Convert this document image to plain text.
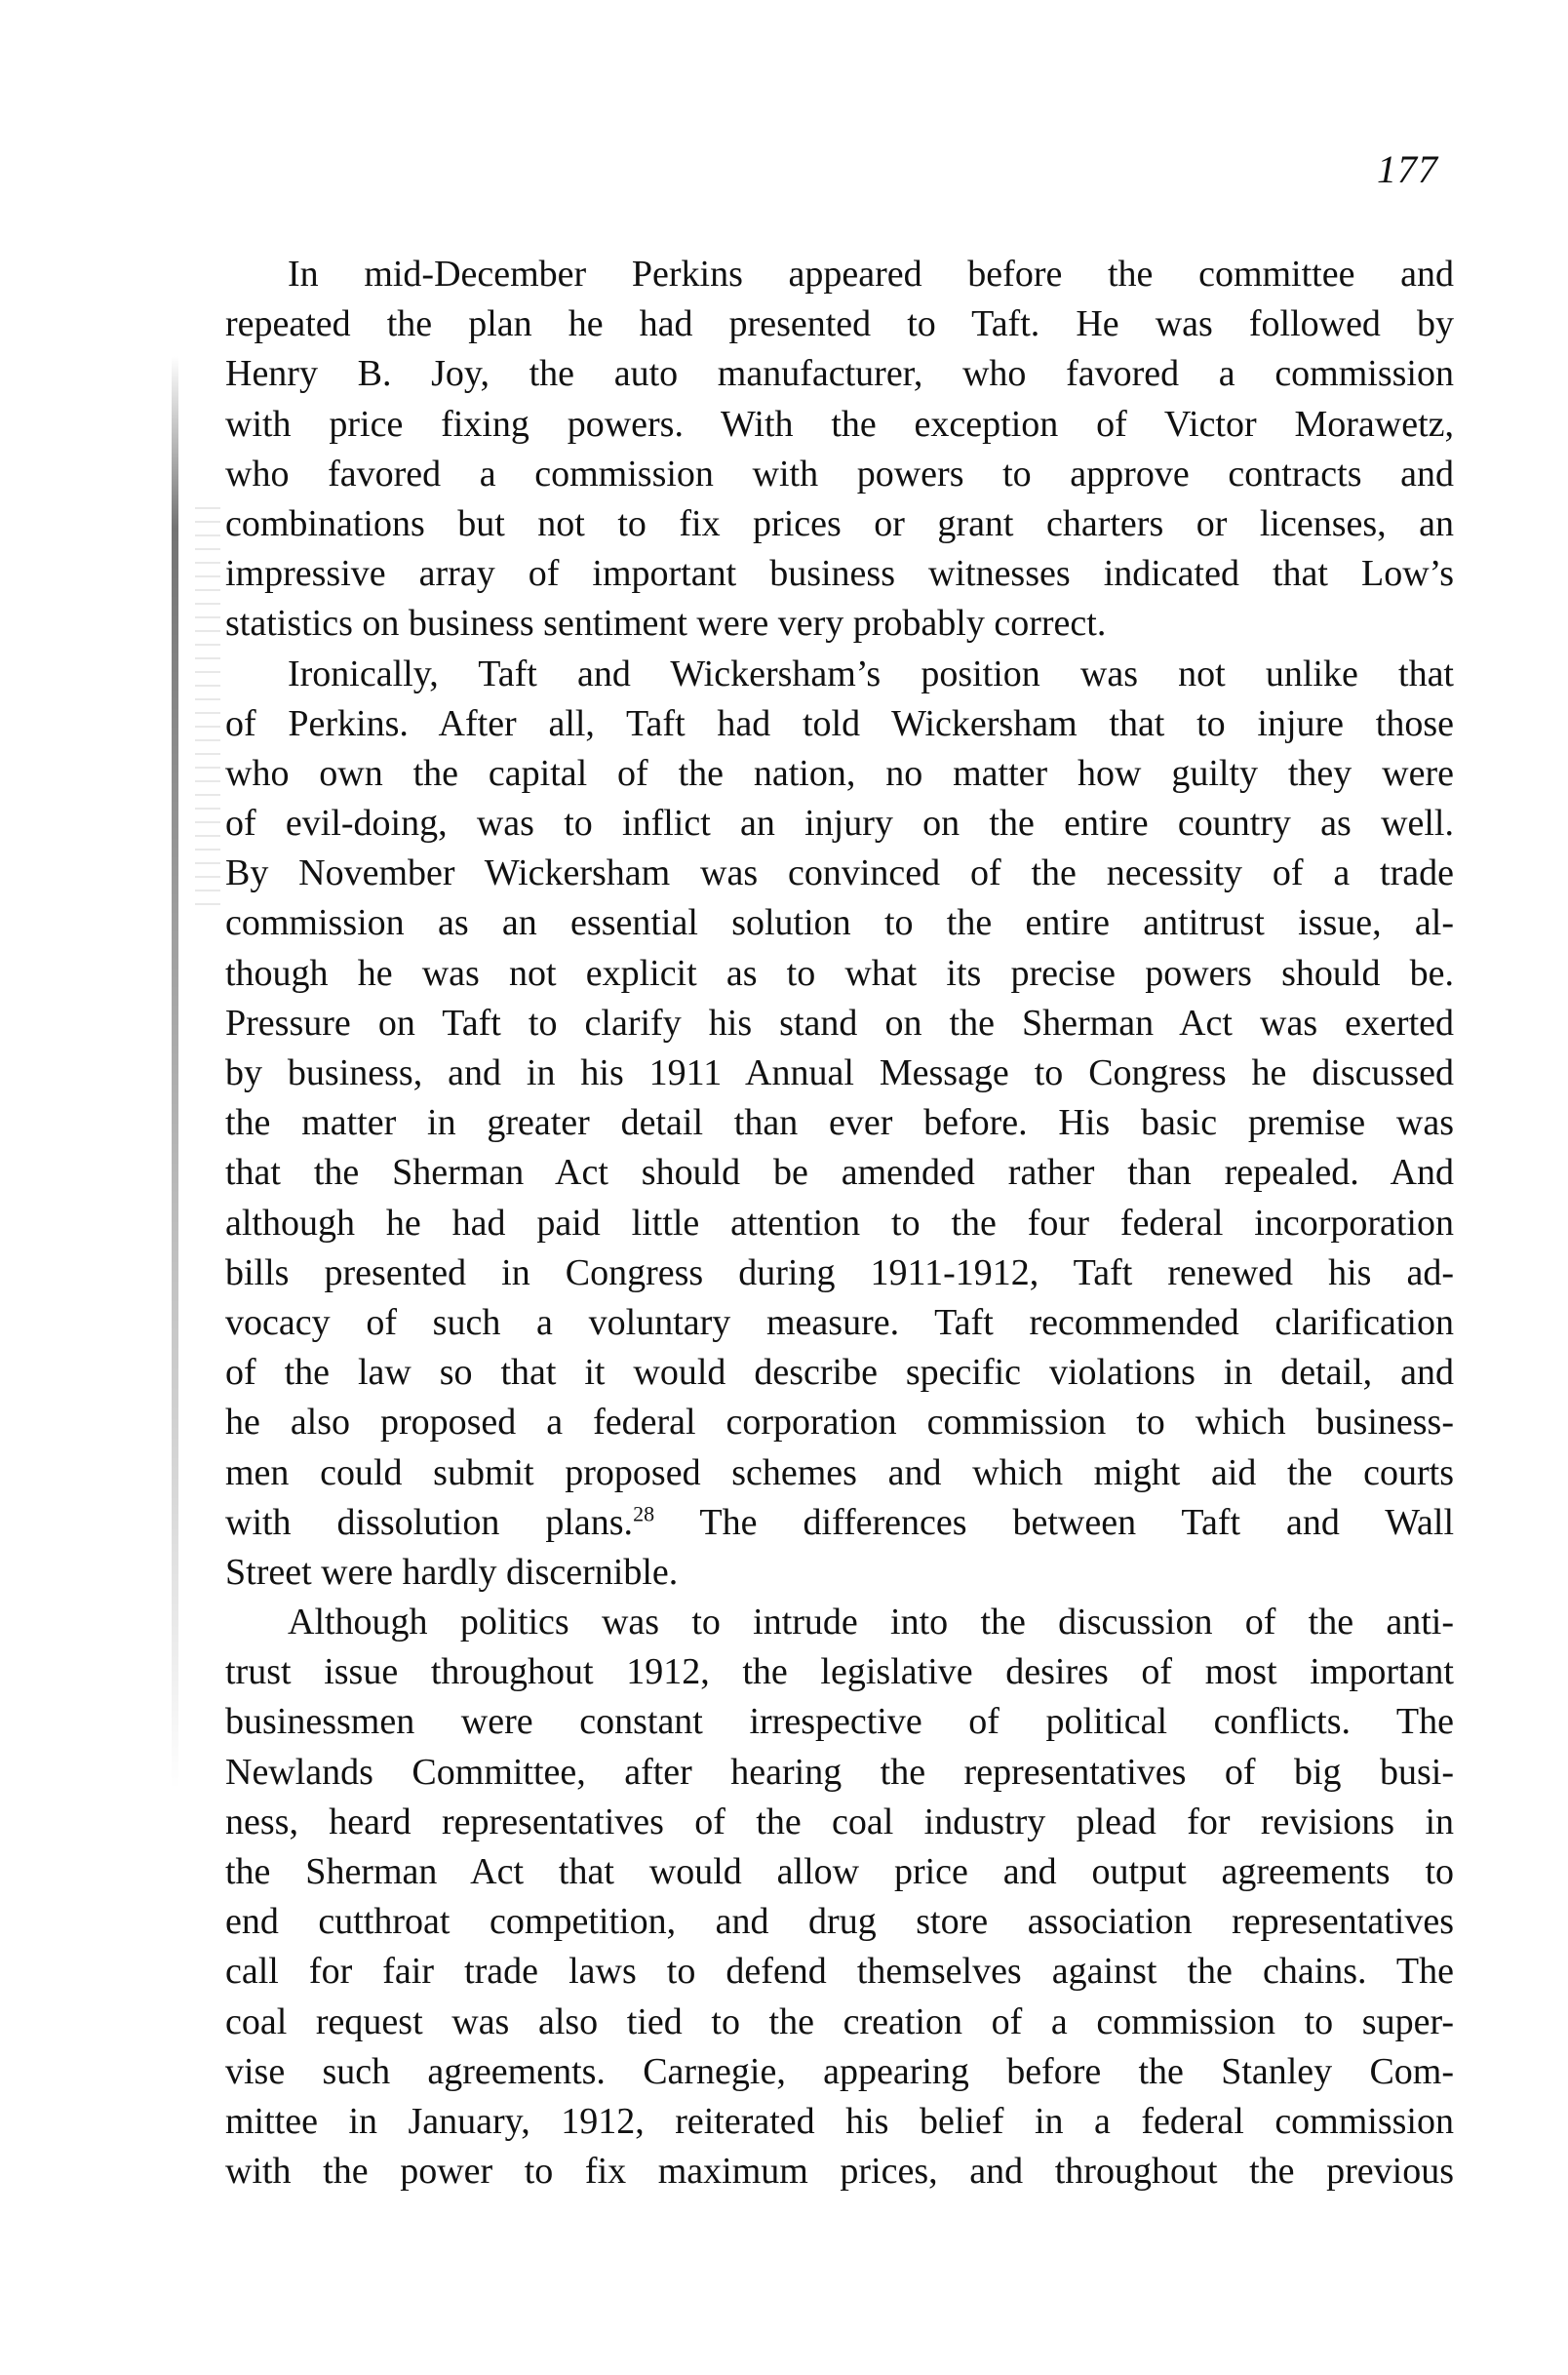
177
In mid-December Perkins appeared before the committee and
repeated the plan he had presented to Taft. He was followed by
Henry B. Joy, the auto manufacturer, who favored a commission
with price fixing powers. With the exception of Victor Morawetz,
who favored a commission with powers to approve contracts and
combinations but not to fix prices or grant charters or licenses, an
impressive array of important business witnesses indicated that Low’s
statistics on business sentiment were very probably correct.
Ironically, Taft and Wickersham’s position was not unlike that
of Perkins. After all, Taft had told Wickersham that to injure those
who own the capital of the nation, no matter how guilty they were
of evil-doing, was to inflict an injury on the entire country as well.
By November Wickersham was convinced of the necessity of a trade
commission as an essential solution to the entire antitrust issue, al-
though he was not explicit as to what its precise powers should be.
Pressure on Taft to clarify his stand on the Sherman Act was exerted
by business, and in his 1911 Annual Message to Congress he discussed
the matter in greater detail than ever before. His basic premise was
that the Sherman Act should be amended rather than repealed. And
although he had paid little attention to the four federal incorporation
bills presented in Congress during 1911-1912, Taft renewed his ad-
vocacy of such a voluntary measure. Taft recommended clarification
of the law so that it would describe specific violations in detail, and
he also proposed a federal corporation commission to which business-
men could submit proposed schemes and which might aid the courts
with dissolution plans.$^{28}$ The differences between Taft and Wall
Street were hardly discernible.
Although politics was to intrude into the discussion of the anti-
trust issue throughout 1912, the legislative desires of most important
businessmen were constant irrespective of political conflicts. The
Newlands Committee, after hearing the representatives of big busi-
ness, heard representatives of the coal industry plead for revisions in
the Sherman Act that would allow price and output agreements to
end cutthroat competition, and drug store association representatives
call for fair trade laws to defend themselves against the chains. The
coal request was also tied to the creation of a commission to super-
vise such agreements. Carnegie, appearing before the Stanley Com-
mittee in January, 1912, reiterated his belief in a federal commission
with the power to fix maximum prices, and throughout the previous
